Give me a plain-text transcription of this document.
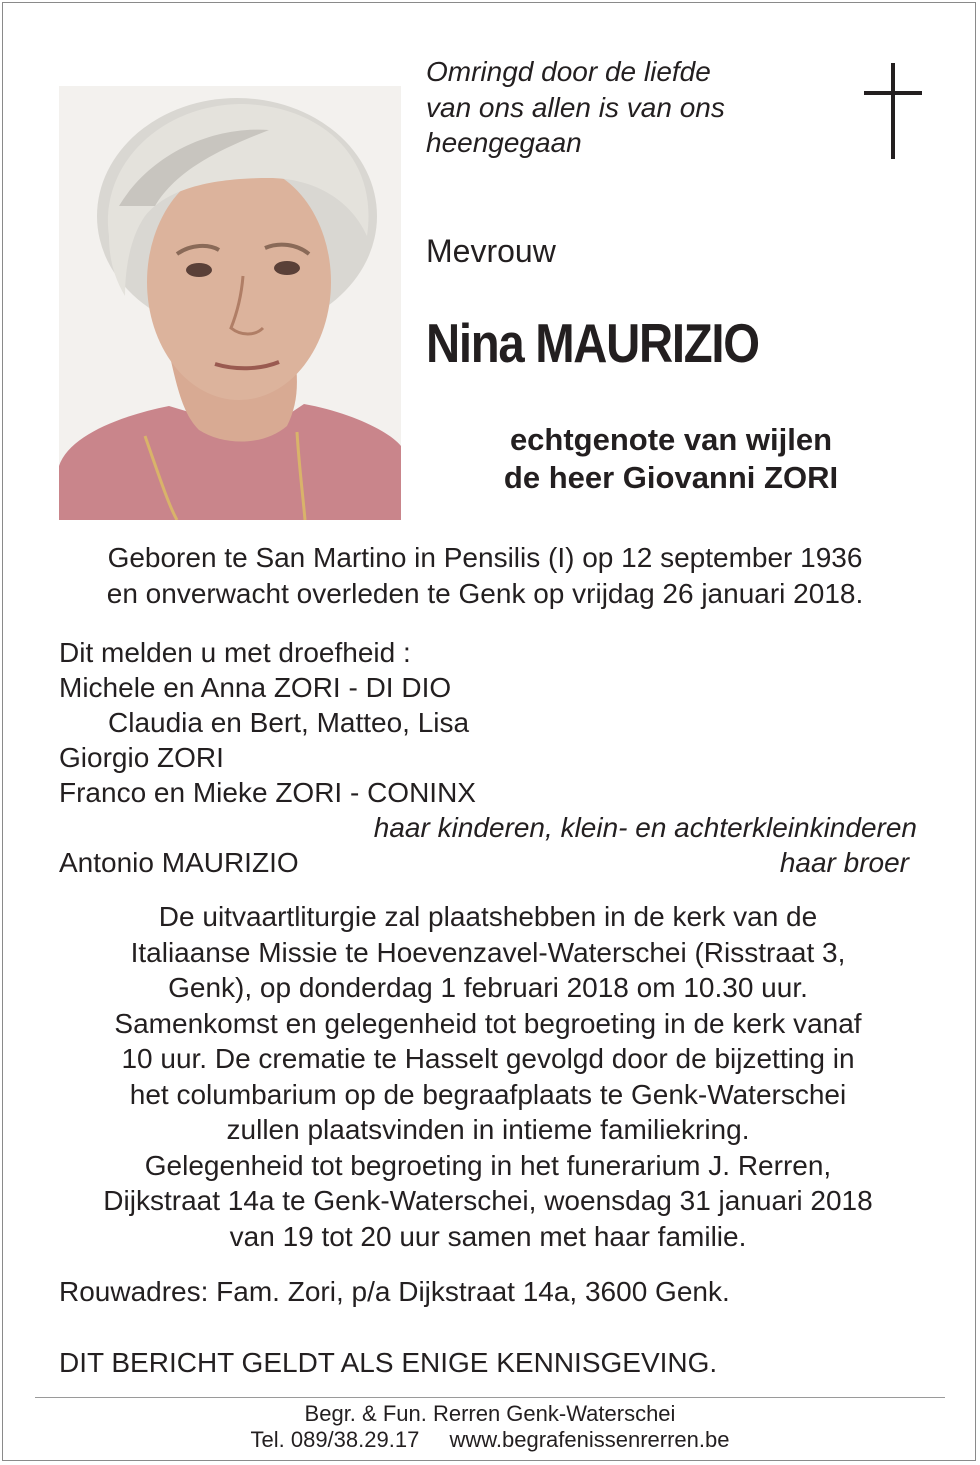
Omringd door de liefde
van ons allen is van ons
heengegaan
Mevrouw
Nina MAURIZIO
echtgenote van wijlen
de heer Giovanni ZORI
Geboren te San Martino in Pensilis (I) op 12 september 1936
en onverwacht overleden te Genk op vrijdag 26 januari 2018.
Dit melden u met droefheid :
Michele en Anna ZORI - DI DIO
Claudia en Bert, Matteo, Lisa
Giorgio ZORI
Franco en Mieke ZORI - CONINX
haar kinderen, klein- en achterkleinkinderen
Antonio MAURIZIO	haar broer
De uitvaartliturgie zal plaatshebben in de kerk van de
Italiaanse Missie te Hoevenzavel-Waterschei (Risstraat 3,
Genk), op donderdag 1 februari 2018 om 10.30 uur.
Samenkomst en gelegenheid tot begroeting in de kerk vanaf
10 uur. De crematie te Hasselt gevolgd door de bijzetting in
het columbarium op de begraafplaats te Genk-Waterschei
zullen plaatsvinden in intieme familiekring.
Gelegenheid tot begroeting in het funerarium J. Rerren,
Dijkstraat 14a te Genk-Waterschei, woensdag 31 januari 2018
van 19 tot 20 uur samen met haar familie.
Rouwadres: Fam. Zori, p/a Dijkstraat 14a, 3600 Genk.
DIT BERICHT GELDT ALS ENIGE KENNISGEVING.
Begr. & Fun. Rerren Genk-Waterschei
Tel. 089/38.29.17 www.begrafenissenrerren.be
